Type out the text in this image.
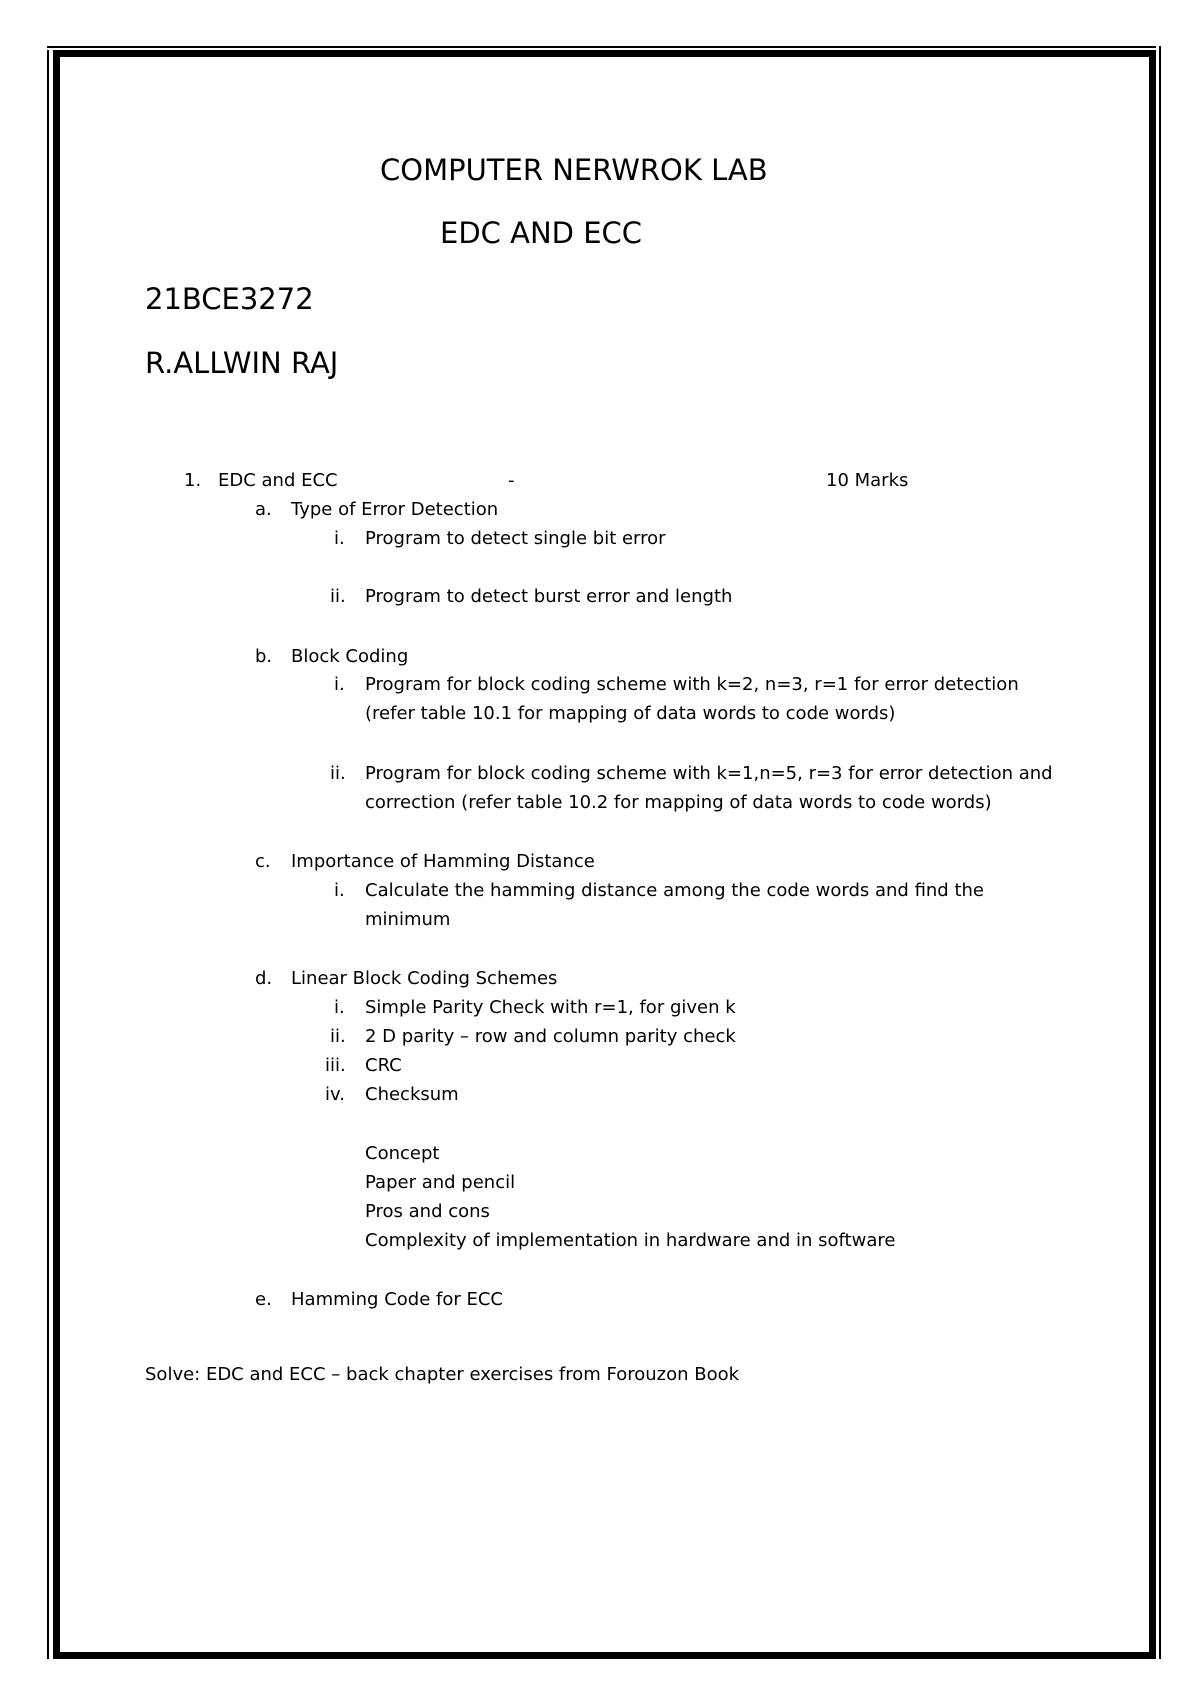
COMPUTER NERWROK LAB
EDC AND ECC
21BCE3272
R.ALLWIN RAJ
1. EDC and ECC	-	10 Marks
a. Type of Error Detection
i. Program to detect single bit error
ii. Program to detect burst error and length
b. Block Coding
i. Program for block coding scheme with k=2, n=3, r=1 for error detection
(refer table 10.1 for mapping of data words to code words)
ii. Program for block coding scheme with k=1,n=5, r=3 for error detection and
correction (refer table 10.2 for mapping of data words to code words)
c. Importance of Hamming Distance
i. Calculate the hamming distance among the code words and find the
minimum
d. Linear Block Coding Schemes
i. Simple Parity Check with r=1, for given k
ii. 2 D parity – row and column parity check
iii. CRC
iv. Checksum
Concept
Paper and pencil
Pros and cons
Complexity of implementation in hardware and in software
e. Hamming Code for ECC
Solve: EDC and ECC – back chapter exercises from Forouzon Book
